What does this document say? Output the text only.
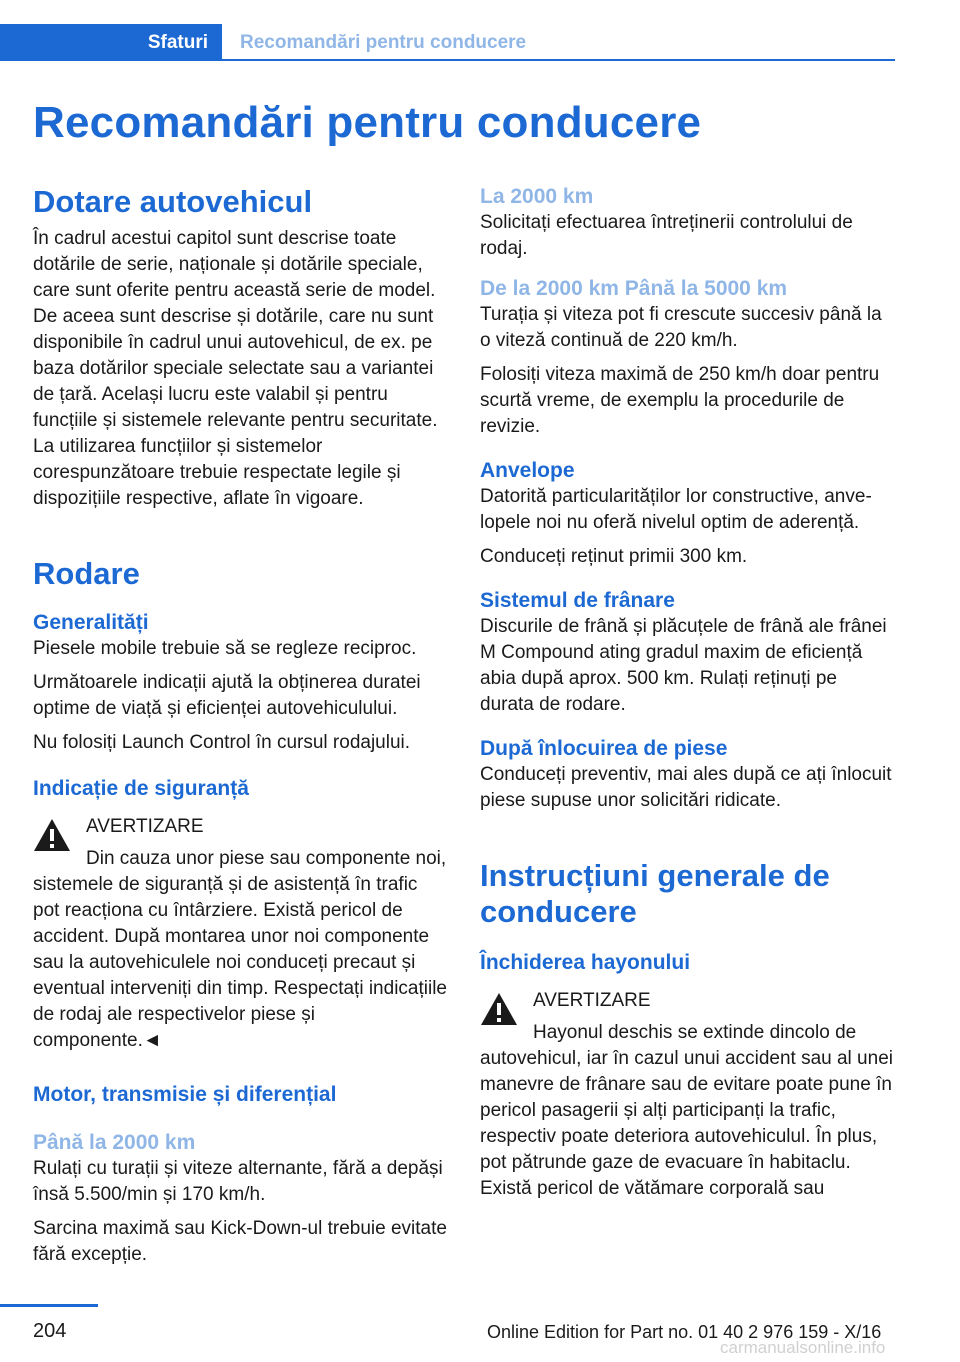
Sfaturi	Recomandări pentru conducere
Recomandări pentru conducere
Dotare autovehicul

În cadrul acestui capitol sunt descrise toate dotările de serie, naționale și dotările speciale, care sunt oferite pentru această serie de model. De aceea sunt descrise și dotările, care nu sunt disponibile în cadrul unui autovehicul, de ex. pe baza dotărilor speciale selectate sau a variantei de țară. Același lucru este valabil și pentru funcțiile și sistemele relevante pentru securitate. La utilizarea funcțiilor și sistemelor corespunzătoare trebuie respectate legile și dispozițiile respective, aflate în vigoare.

Rodare
Generalități

Piesele mobile trebuie să se regleze reciproc.

Următoarele indicații ajută la obținerea duratei optime de viață și eficienței autovehiculului.

Nu folosiți Launch Control în cursul rodajului.

Indicație de siguranță

AVERTIZARE

Din cauza unor piese sau componente noi, sistemele de siguranță și de asistență în trafic pot reacționa cu întârziere. Există pericol de accident. După montarea unor noi componente sau la autovehiculele noi conduceți precaut și eventual interveniți din timp. Respectați indicațiile de rodaj ale respectivelor piese și componente.◄

Motor, transmisie și diferențial
Până la 2000 km

Rulați cu turații și viteze alternante, fără a depăși însă 5.500/min și 170 km/h.

Sarcina maximă sau Kick-Down-ul trebuie evitate fără excepție.

La 2000 km

Solicitați efectuarea întreținerii controlului de rodaj.

De la 2000 km Până la 5000 km

Turația și viteza pot fi crescute succesiv până la o viteză continuă de 220 km/h.

Folosiți viteza maximă de 250 km/h doar pentru scurtă vreme, de exemplu la procedurile de revizie.

Anvelope

Datorită particularităților lor constructive, anvelopele noi nu oferă nivelul optim de aderență.

Conduceți reținut primii 300 km.

Sistemul de frânare

Discurile de frână și plăcuțele de frână ale frânei M Compound ating gradul maxim de eficiență abia după aprox. 500 km. Rulați reținuți pe durata de rodare.

După înlocuirea de piese

Conduceți preventiv, mai ales după ce ați înlocuit piese supuse unor solicitări ridicate.

Instrucțiuni generale de conducere
Închiderea hayonului

AVERTIZARE

Hayonul deschis se extinde dincolo de autovehicul, iar în cazul unui accident sau al unei manevre de frânare sau de evitare poate pune în pericol pasagerii și alți participanți la trafic, respectiv poate deteriora autovehiculul. În plus, pot pătrunde gaze de evacuare în habitaclu. Există pericol de vătămare corporală sau

204	Online Edition for Part no. 01 40 2 976 159 - X/16
carmanualsonline.info
